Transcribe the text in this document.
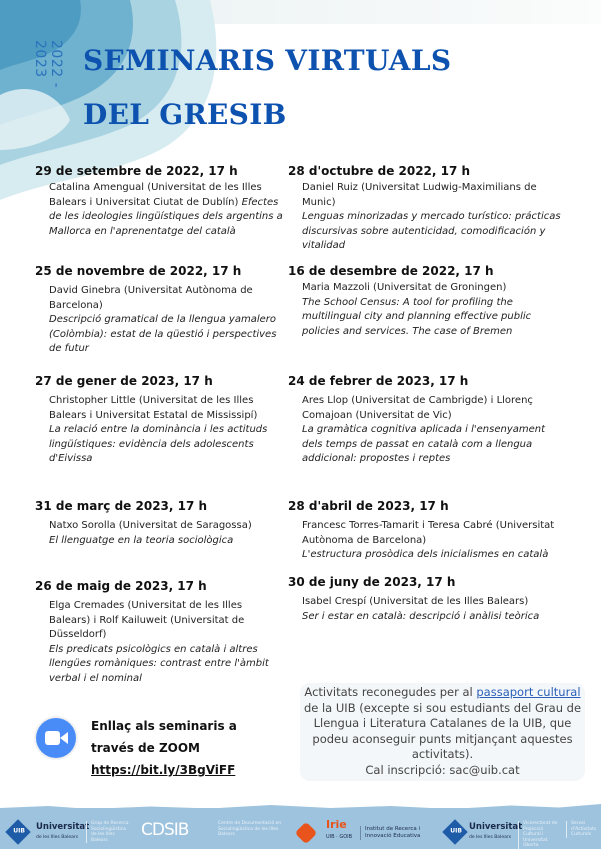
2022 - 2023	SEMINARIS VIRTUALS
DEL GRESIB
29 de setembre de 2022, 17 h
Catalina Amengual (Universitat de les Illes Balears i Universitat Ciutat de Dublín) Efectes de les ideologies lingüístiques dels argentins a Mallorca en l'aprenentatge del català
28 d'octubre de 2022, 17 h
Daniel Ruiz (Universitat Ludwig-Maximilians de Munic)
Lenguas minorizadas y mercado turístico: prácticas discursivas sobre autenticidad, comodificación y vitalidad
25 de novembre de 2022, 17 h
David Ginebra (Universitat Autònoma de Barcelona)
Descripció gramatical de la llengua yamalero (Colòmbia): estat de la qüestió i perspectives de futur
16 de desembre de 2022, 17 h
Maria Mazzoli (Universitat de Groningen)
The School Census: A tool for profiling the multilingual city and planning effective public policies and services. The case of Bremen
27 de gener de 2023, 17 h
Christopher Little (Universitat de les Illes Balears i Universitat Estatal de Mississipí)
La relació entre la dominància i les actituds lingüístiques: evidència dels adolescents d'Eivissa
24 de febrer de 2023, 17 h
Ares Llop (Universitat de Cambrigde) i Llorenç Comajoan (Universitat de Vic)
La gramàtica cognitiva aplicada i l'ensenyament dels temps de passat en català com a llengua addicional: propostes i reptes
31 de març de 2023, 17 h
Natxo Sorolla (Universitat de Saragossa)
El llenguatge en la teoria sociològica
28 d'abril de 2023, 17 h
Francesc Torres-Tamarit i Teresa Cabré (Universitat Autònoma de Barcelona)
L'estructura prosòdica dels inicialismes en català
26 de maig de 2023, 17 h
Elga Cremades (Universitat de les Illes Balears) i Rolf Kailuweit (Universitat de Düsseldorf)
Els predicats psicològics en català i altres llengües romàniques: contrast entre l'àmbit verbal i el nominal
30 de juny de 2023, 17 h
Isabel Crespí (Universitat de les Illes Balears)
Ser i estar en català: descripció i anàlisi teòrica
Activitats reconegudes per al passaport cultural de la UIB (excepte si sou estudiants del Grau de Llengua i Literatura Catalanes de la UIB, que podeu aconseguir punts mitjançant aquestes activitats).
Cal inscripció: sac@uib.cat
Enllaç als seminaris a
través de ZOOM
https://bit.ly/3BgViFF
UIB	Universitat
de les Illes Balears
Grup de Recerca Sociolingüística de les Illes Balears	CDSIB	Centre de Documentació en Sociolingüística de les Illes Balears
Irie
UIB · GOIB
Institut de Recerca i Innovació Educativa
UIB Universitat
de les Illes Balears
Vicerectorat de Projecció Cultural i Universitat Oberta
Servei d'Activitats Culturals
